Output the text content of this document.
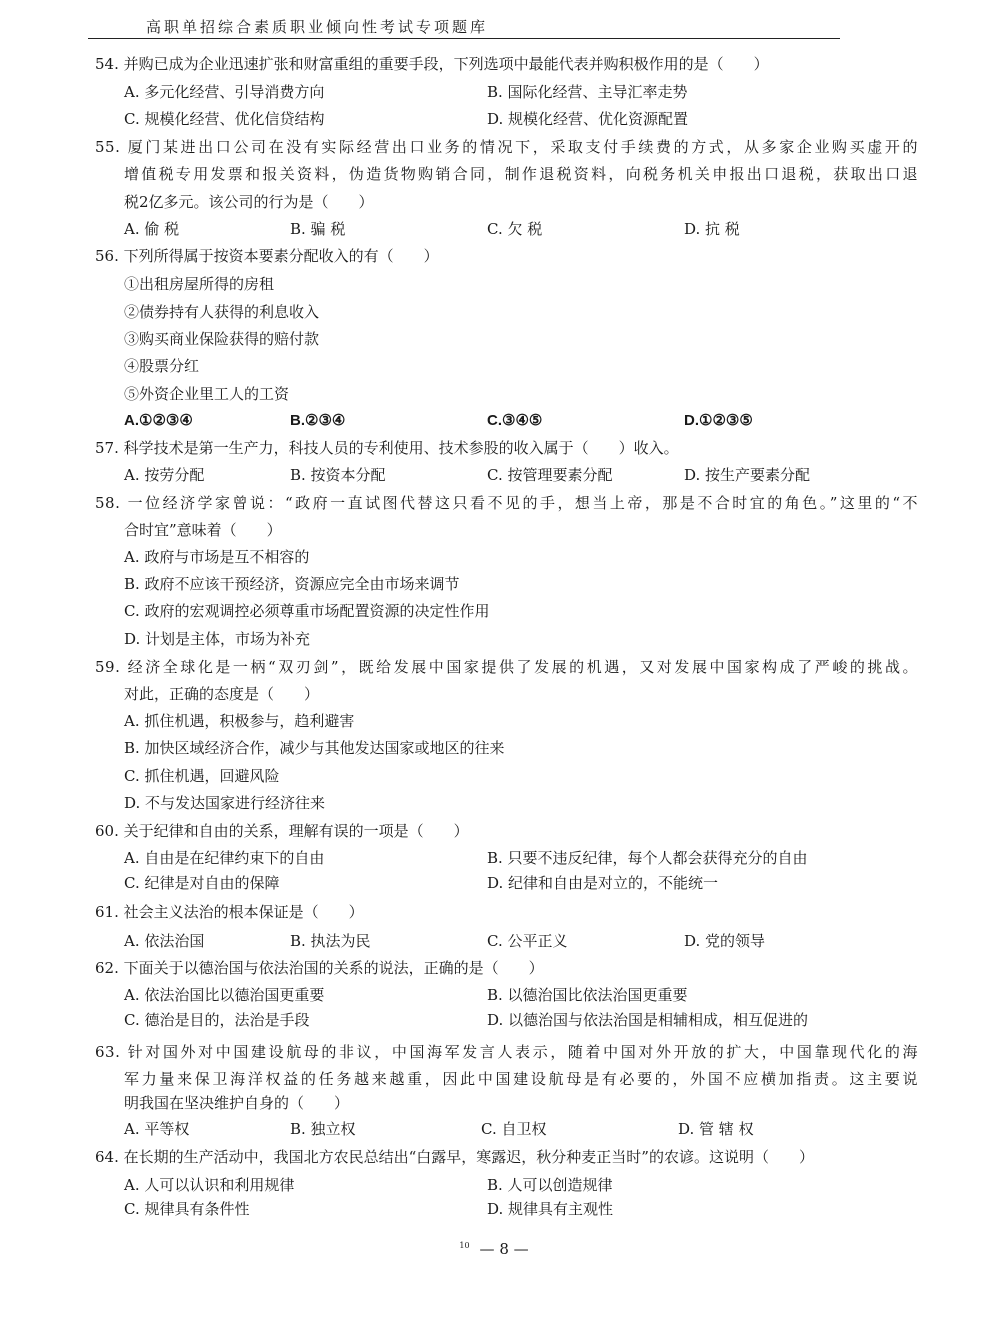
高职单招综合素质职业倾向性考试专项题库
54. 并购已成为企业迅速扩张和财富重组的重要手段，下列选项中最能代表并购积极作用的是（　　）
A. 多元化经营、引导消费方向	B. 国际化经营、主导汇率走势
C. 规模化经营、优化信贷结构	D. 规模化经营、优化资源配置
55. 厦门某进出口公司在没有实际经营出口业务的情况下，采取支付手续费的方式，从多家企业购买虚开的
增值税专用发票和报关资料，伪造货物购销合同，制作退税资料，向税务机关申报出口退税，获取出口退
税2亿多元。该公司的行为是（　　）
A. 偷 税	B. 骗 税	C. 欠 税	D. 抗 税
56. 下列所得属于按资本要素分配收入的有（　　）
①出租房屋所得的房租
②债券持有人获得的利息收入
③购买商业保险获得的赔付款
④股票分红
⑤外资企业里工人的工资
A.①②③④	B.②③④	C.③④⑤	D.①②③⑤
57. 科学技术是第一生产力，科技人员的专利使用、技术参股的收入属于（　　）收入。
A. 按劳分配	B. 按资本分配	C. 按管理要素分配	D. 按生产要素分配
58. 一位经济学家曾说：“政府一直试图代替这只看不见的手，想当上帝，那是不合时宜的角色。”这里的“不
合时宜”意味着（　　）
A. 政府与市场是互不相容的
B. 政府不应该干预经济，资源应完全由市场来调节
C. 政府的宏观调控必须尊重市场配置资源的决定性作用
D. 计划是主体，市场为补充
59. 经济全球化是一柄“双刃剑”，既给发展中国家提供了发展的机遇，又对发展中国家构成了严峻的挑战。
对此，正确的态度是（　　）
A. 抓住机遇，积极参与，趋利避害
B. 加快区域经济合作，减少与其他发达国家或地区的往来
C. 抓住机遇，回避风险
D. 不与发达国家进行经济往来
60. 关于纪律和自由的关系，理解有误的一项是（　　）
A. 自由是在纪律约束下的自由	B. 只要不违反纪律，每个人都会获得充分的自由
C. 纪律是对自由的保障	D. 纪律和自由是对立的，不能统一
61. 社会主义法治的根本保证是（　　）
A. 依法治国	B. 执法为民	C. 公平正义	D. 党的领导
62. 下面关于以德治国与依法治国的关系的说法，正确的是（　　）
A. 依法治国比以德治国更重要	B. 以德治国比依法治国更重要
C. 德治是目的，法治是手段	D. 以德治国与依法治国是相辅相成，相互促进的
63. 针对国外对中国建设航母的非议，中国海军发言人表示，随着中国对外开放的扩大，中国靠现代化的海
军力量来保卫海洋权益的任务越来越重，因此中国建设航母是有必要的，外国不应横加指责。这主要说
明我国在坚决维护自身的（　　）
A. 平等权	B. 独立权	C. 自卫权	D. 管 辖 权
64. 在长期的生产活动中，我国北方农民总结出“白露早，寒露迟，秋分种麦正当时”的农谚。这说明（　　）
A. 人可以认识和利用规律	B. 人可以创造规律
C. 规律具有条件性	D. 规律具有主观性
$^{10}$ — 8 —
